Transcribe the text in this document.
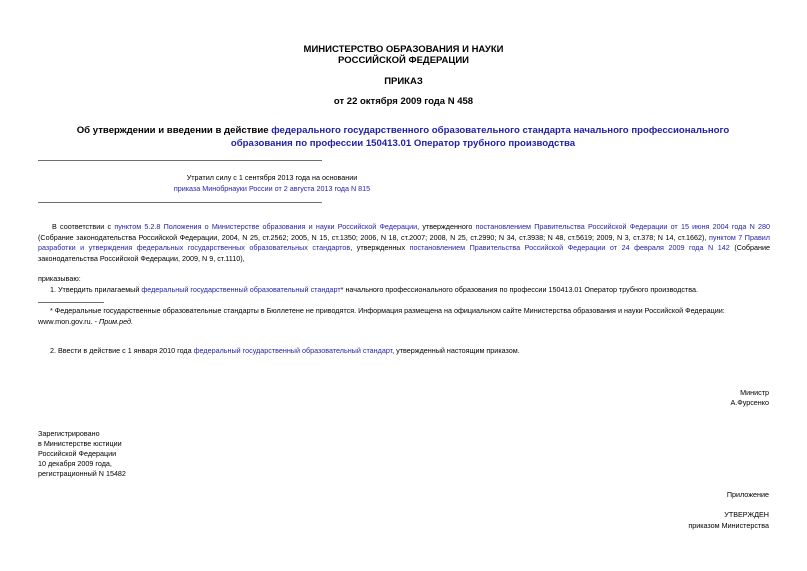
МИНИСТЕРСТВО ОБРАЗОВАНИЯ И НАУКИ
РОССИЙСКОЙ ФЕДЕРАЦИИ
ПРИКАЗ
от 22 октября 2009 года N 458
Об утверждении и введении в действие федерального государственного образовательного стандарта начального профессионального образования по профессии 150413.01 Оператор трубного производства
Утратил силу с 1 сентября 2013 года на основании
приказа Минобрнауки России от 2 августа 2013 года N 815
В соответствии с пунктом 5.2.8 Положения о Министерстве образования и науки Российской Федерации, утвержденного постановлением Правительства Российской Федерации от 15 июня 2004 года N 280 (Собрание законодательства Российской Федерации, 2004, N 25, ст.2562; 2005, N 15, ст.1350; 2006, N 18, ст.2007; 2008, N 25, ст.2990; N 34, ст.3938; N 48, ст.5619; 2009, N 3, ст.378; N 14, ст.1662), пунктом 7 Правил разработки и утверждения федеральных государственных образовательных стандартов, утвержденных постановлением Правительства Российской Федерации от 24 февраля 2009 года N 142 (Собрание законодательства Российской Федерации, 2009, N 9, ст.1110),
приказываю:
1. Утвердить прилагаемый федеральный государственный образовательный стандарт* начального профессионального образования по профессии 150413.01 Оператор трубного производства.
* Федеральные государственные образовательные стандарты в Бюллетене не приводятся. Информация размещена на официальном сайте Министерства образования и науки Российской Федерации: www.mon.gov.ru. - Прим.ред.
2. Ввести в действие с 1 января 2010 года федеральный государственный образовательный стандарт, утвержденный настоящим приказом.
Министр
А.Фурсенко
Зарегистрировано
в Министерстве юстиции
Российской Федерации
10 декабря 2009 года,
регистрационный N 15482
Приложение
УТВЕРЖДЕН
приказом Министерства
